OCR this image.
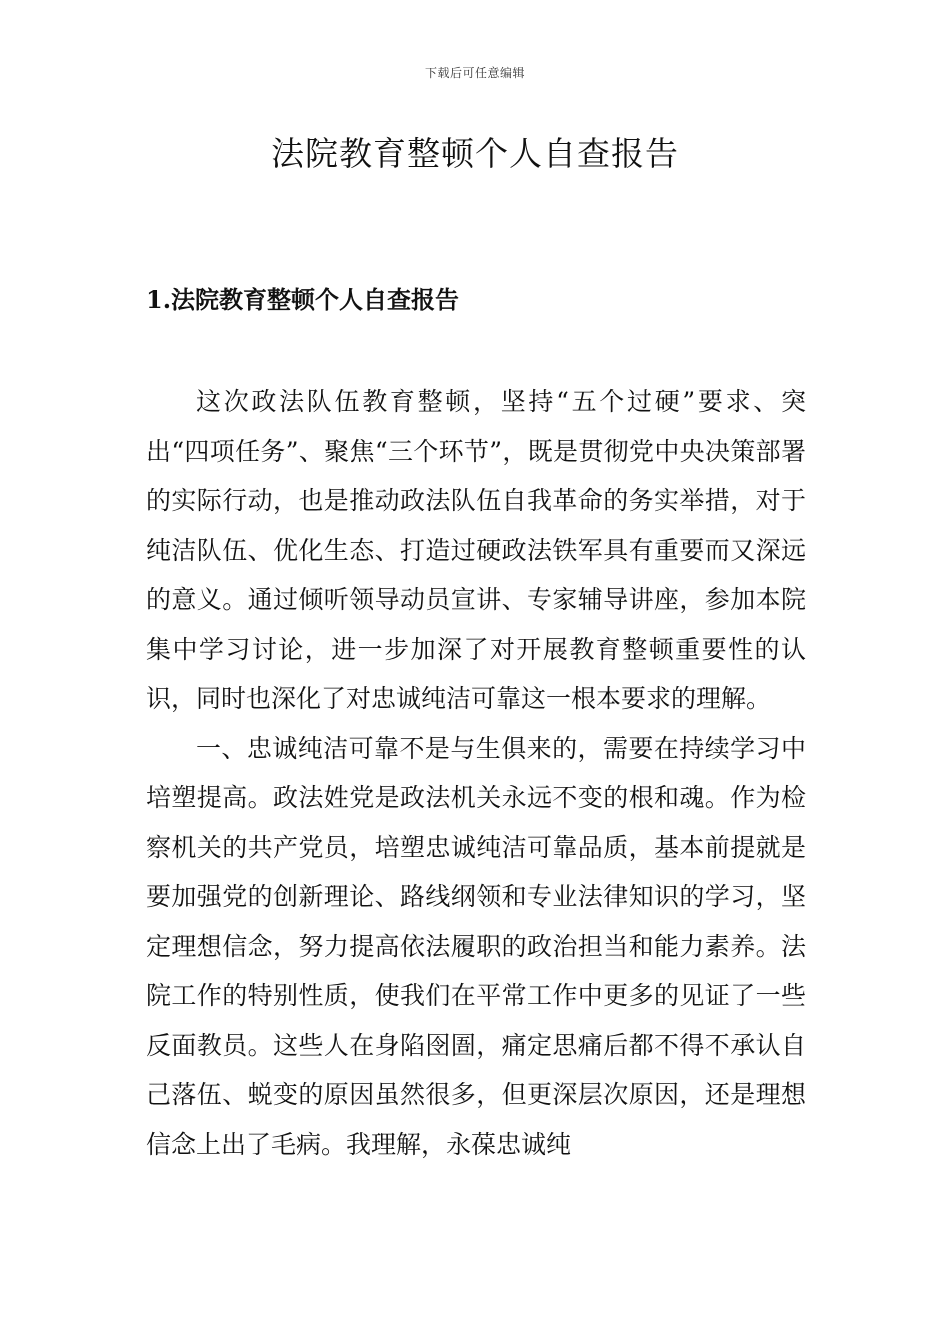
下载后可任意编辑
法院教育整顿个人自查报告
1.法院教育整顿个人自查报告

这次政法队伍教育整顿，坚持“五个过硬”要求、突出“四项任务”、聚焦“三个环节”，既是贯彻党中央决策部署的实际行动，也是推动政法队伍自我革命的务实举措，对于纯洁队伍、优化生态、打造过硬政法铁军具有重要而又深远的意义。通过倾听领导动员宣讲、专家辅导讲座，参加本院集中学习讨论，进一步加深了对开展教育整顿重要性的认识，同时也深化了对忠诚纯洁可靠这一根本要求的理解。

一、忠诚纯洁可靠不是与生俱来的，需要在持续学习中培塑提高。政法姓党是政法机关永远不变的根和魂。作为检察机关的共产党员，培塑忠诚纯洁可靠品质，基本前提就是要加强党的创新理论、路线纲领和专业法律知识的学习，坚定理想信念，努力提高依法履职的政治担当和能力素养。法院工作的特别性质，使我们在平常工作中更多的见证了一些反面教员。这些人在身陷囹圄，痛定思痛后都不得不承认自己落伍、蜕变的原因虽然很多，但更深层次原因，还是理想信念上出了毛病。我理解，永葆忠诚纯
